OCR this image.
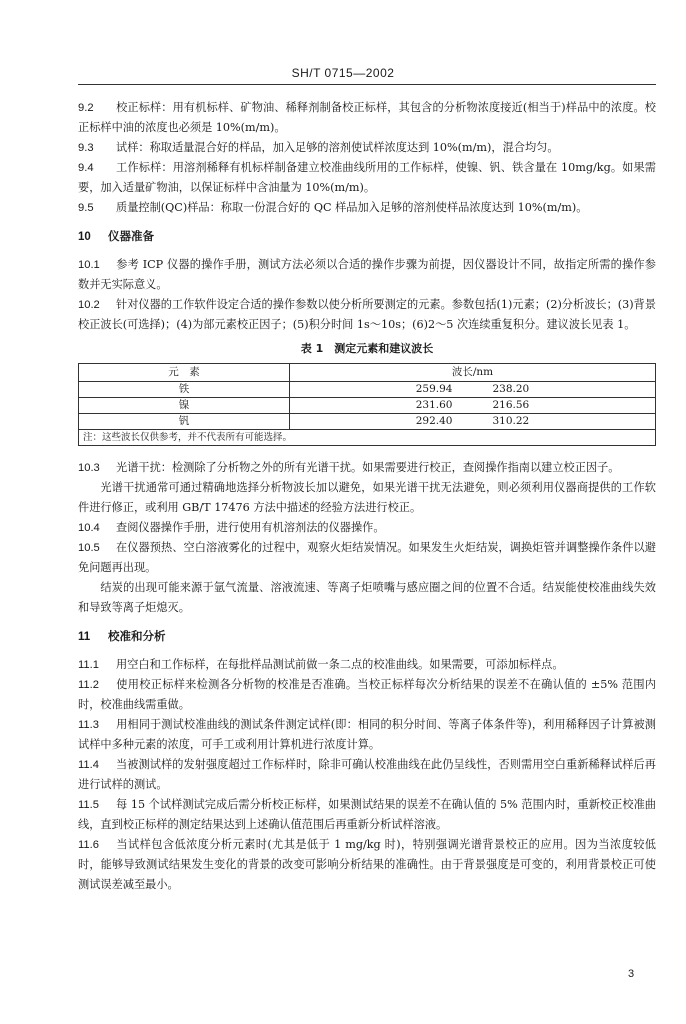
SH/T 0715—2002

9.2 校正标样：用有机标样、矿物油、稀释剂制备校正标样，其包含的分析物浓度接近(相当于)样品中的浓度。校正标样中油的浓度也必须是 10%(m/m)。

9.3 试样：称取适量混合好的样品，加入足够的溶剂使试样浓度达到 10%(m/m)，混合均匀。

9.4 工作标样：用溶剂稀释有机标样制备建立校准曲线所用的工作标样，使镍、钒、铁含量在 10mg/kg。如果需要，加入适量矿物油，以保证标样中含油量为 10%(m/m)。

9.5 质量控制(QC)样品：称取一份混合好的 QC 样品加入足够的溶剂使样品浓度达到 10%(m/m)。

10 仪器准备

10.1 参考 ICP 仪器的操作手册，测试方法必须以合适的操作步骤为前提，因仪器设计不同，故指定所需的操作参数并无实际意义。

10.2 针对仪器的工作软件设定合适的操作参数以使分析所要测定的元素。参数包括(1)元素；(2)分析波长；(3)背景校正波长(可选择)；(4)为部元素校正因子；(5)积分时间 1s～10s；(6)2～5 次连续重复积分。建议波长见表 1。

表 1　测定元素和建议波长
元　素	波长/nm
铁	259.94 238.20

镍	231.60 216.56

钒	292.40 310.22

注：这些波长仅供参考，并不代表所有可能选择。	

10.3 光谱干扰：检测除了分析物之外的所有光谱干扰。如果需要进行校正，查阅操作指南以建立校正因子。

光谱干扰通常可通过精确地选择分析物波长加以避免，如果光谱干扰无法避免，则必须利用仪器商提供的工作软件进行修正，或利用 GB/T 17476 方法中描述的经验方法进行校正。

10.4 查阅仪器操作手册，进行使用有机溶剂法的仪器操作。

10.5 在仪器预热、空白溶液雾化的过程中，观察火炬结炭情况。如果发生火炬结炭，调换炬管并调整操作条件以避免问题再出现。

结炭的出现可能来源于氩气流量、溶液流速、等离子炬喷嘴与感应圈之间的位置不合适。结炭能使校准曲线失效和导致等离子炬熄灭。

11 校准和分析

11.1 用空白和工作标样，在每批样品测试前做一条二点的校准曲线。如果需要，可添加标样点。

11.2 使用校正标样来检测各分析物的校准是否准确。当校正标样每次分析结果的误差不在确认值的 ±5% 范围内时，校准曲线需重做。

11.3 用相同于测试校准曲线的测试条件测定试样(即：相同的积分时间、等离子体条件等)，利用稀释因子计算被测试样中多种元素的浓度，可手工或利用计算机进行浓度计算。

11.4 当被测试样的发射强度超过工作标样时，除非可确认校准曲线在此仍呈线性，否则需用空白重新稀释试样后再进行试样的测试。

11.5 每 15 个试样测试完成后需分析校正标样，如果测试结果的误差不在确认值的 5% 范围内时，重新校正校准曲线，直到校正标样的测定结果达到上述确认值范围后再重新分析试样溶液。

11.6 当试样包含低浓度分析元素时(尤其是低于 1 mg/kg 时)，特别强调光谱背景校正的应用。因为当浓度较低时，能够导致测试结果发生变化的背景的改变可影响分析结果的准确性。由于背景强度是可变的，利用背景校正可使测试误差减至最小。

3
